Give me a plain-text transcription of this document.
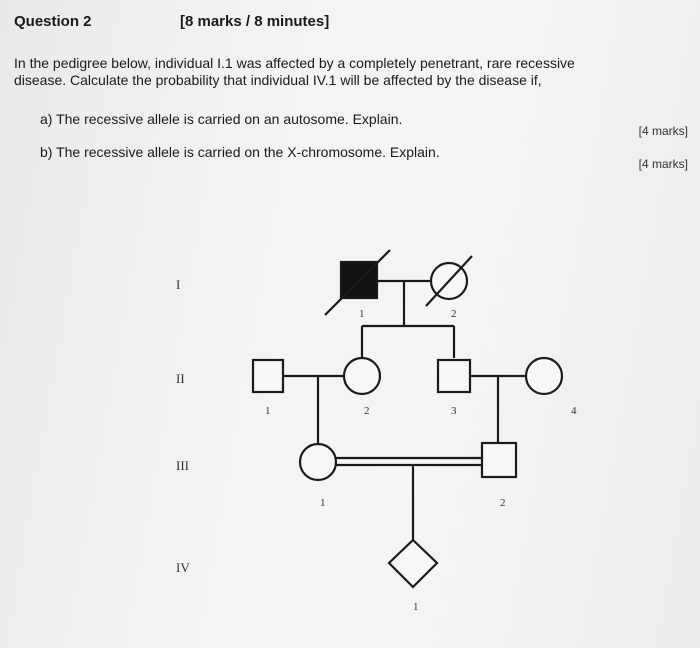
Question 2	[8 marks / 8 minutes]
In the pedigree below, individual I.1 was affected by a completely penetrant, rare recessive
disease. Calculate the probability that individual IV.1 will be affected by the disease if,
a) The recessive allele is carried on an autosome. Explain.
[4 marks]
b) The recessive allele is carried on the X-chromosome. Explain.
[4 marks]
I
II
III
IV
1	2
1	2	3	4
1	2
1
